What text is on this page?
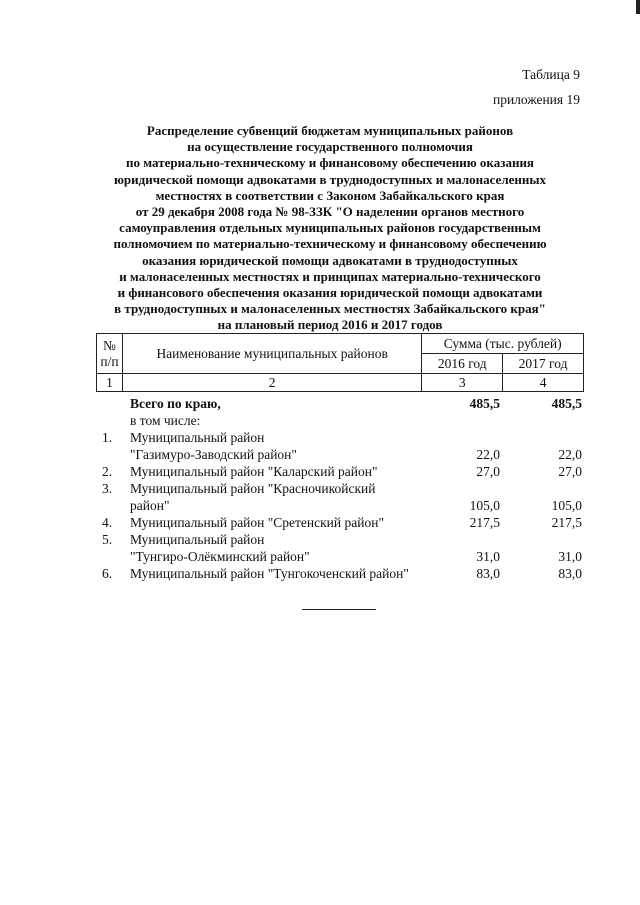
Таблица 9
приложения 19
Распределение субвенций бюджетам муниципальных районов
на осуществление государственного полномочия
по материально-техническому и финансовому обеспечению оказания
юридической помощи адвокатами в труднодоступных и малонаселенных
местностях в соответствии с Законом Забайкальского края
от 29 декабря 2008 года № 98-ЗЗК "О наделении органов местного
самоуправления отдельных муниципальных районов государственным
полномочием по материально-техническому и финансовому обеспечению
оказания юридической помощи адвокатами в труднодоступных
и малонаселенных местностях и принципах материально-технического
и финансового обеспечения оказания юридической помощи адвокатами
в труднодоступных и малонаселенных местностях Забайкальского края"
на плановый период 2016 и 2017 годов
№ п/п	Наименование муниципальных районов	Сумма (тыс. рублей)	
		2016 год	2017 год
1	2	3	4
Всего по краю,	485,5	485,5
в том числе:
1.	Муниципальный район
"Газимуро-Заводский район"	22,0	22,0
2.	Муниципальный район "Каларский район"	27,0	27,0
3.	Муниципальный район "Красночикойский
район"	105,0	105,0
4.	Муниципальный район "Сретенский район"	217,5	217,5
5.	Муниципальный район
"Тунгиро-Олёкминский район"	31,0	31,0
6.	Муниципальный район "Тунгокоченский район"	83,0	83,0
